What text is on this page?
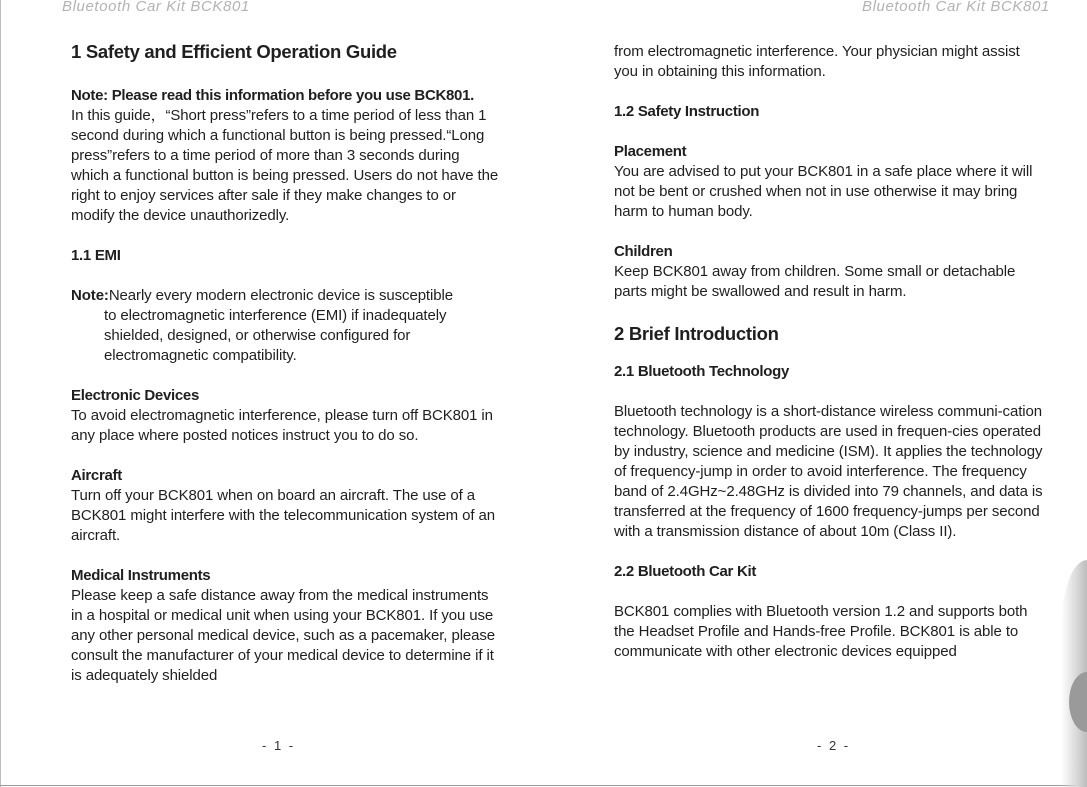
Bluetooth Car Kit BCK801	Bluetooth Car Kit BCK801

1 Safety and Efficient Operation Guide

Note: Please read this information before you use BCK801.

In this guide，“Short press”refers to a time period of less than 1 second during which a functional button is being pressed.“Long press”refers to a time period of more than 3 seconds during which a functional button is being pressed. Users do not have the right to enjoy services after sale if they make changes to or modify the device unauthorizedly.

1.1 EMI

Note:Nearly every modern electronic device is susceptible

to electromagnetic interference (EMI) if inadequately shielded, designed, or otherwise configured for electromagnetic compatibility.

Electronic Devices

To avoid electromagnetic interference, please turn off BCK801 in any place where posted notices instruct you to do so.

Aircraft

Turn off your BCK801 when on board an aircraft. The use of a BCK801 might interfere with the telecommunication system of an aircraft.

Medical Instruments

Please keep a safe distance away from the medical instruments in a hospital or medical unit when using your BCK801. If you use any other personal medical device, such as a pacemaker, please consult the manufacturer of your medical device to determine if it is adequately shielded

- 1 -

from electromagnetic interference. Your physician might assist you in obtaining this information.

1.2 Safety Instruction

Placement

You are advised to put your BCK801 in a safe place where it will not be bent or crushed when not in use otherwise it may bring harm to human body.

Children

Keep BCK801 away from children. Some small or detachable parts might be swallowed and result in harm.

2 Brief Introduction

2.1 Bluetooth Technology

Bluetooth technology is a short-distance wireless communi-cation technology. Bluetooth products are used in frequen-cies operated by industry, science and medicine (ISM). It applies the technology of frequency-jump in order to avoid interference. The frequency band of 2.4GHz~2.48GHz is divided into 79 channels, and data is transferred at the frequency of 1600 frequency-jumps per second with a transmission distance of about 10m (Class II).

2.2 Bluetooth Car Kit

BCK801 complies with Bluetooth version 1.2 and supports both the Headset Profile and Hands-free Profile. BCK801 is able to communicate with other electronic devices equipped

- 2 -
